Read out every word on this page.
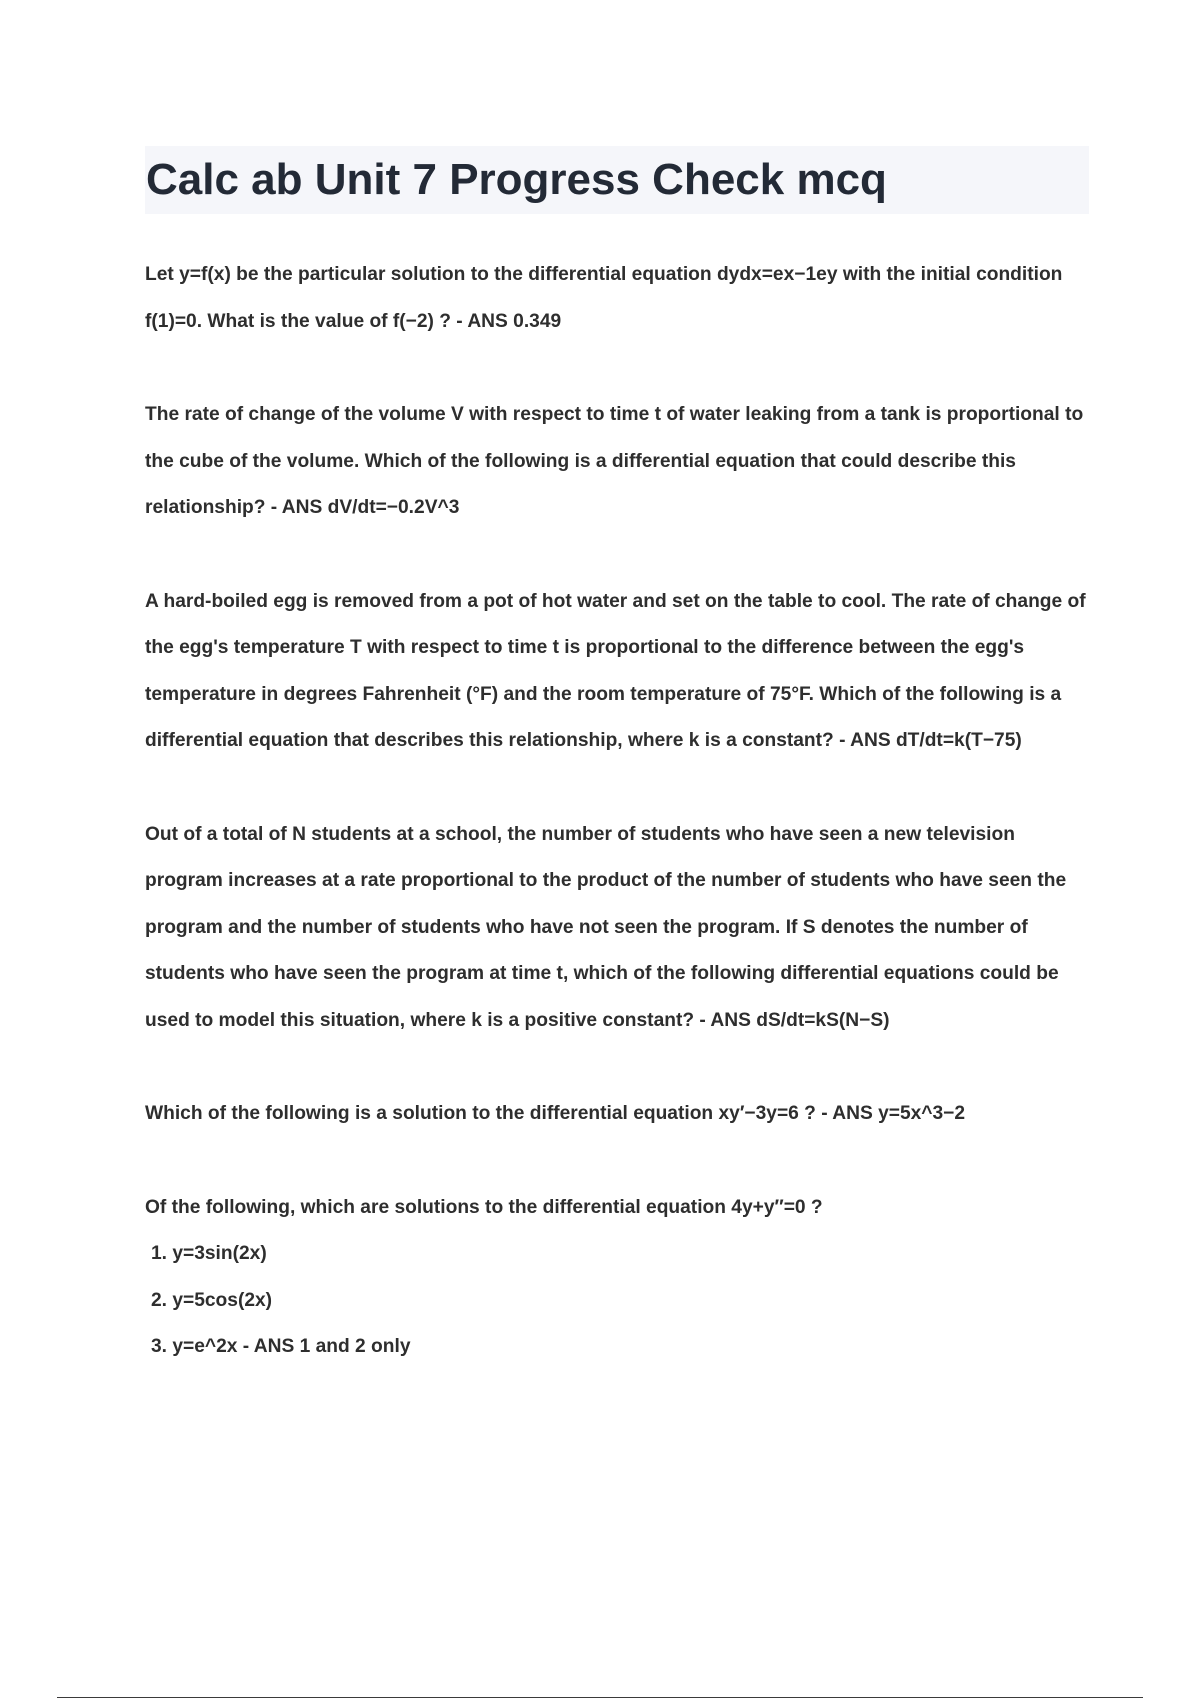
Calc ab Unit 7 Progress Check mcq

Let y=f(x) be the particular solution to the differential equation dydx=ex−1ey with the initial condition f(1)=0. What is the value of f(−2) ? - ANS 0.349

The rate of change of the volume V with respect to time t of water leaking from a tank is proportional to the cube of the volume. Which of the following is a differential equation that could describe this relationship? - ANS dV/dt=−0.2V^3

A hard-boiled egg is removed from a pot of hot water and set on the table to cool. The rate of change of the egg's temperature T with respect to time t is proportional to the difference between the egg's temperature in degrees Fahrenheit (°F) and the room temperature of 75°F. Which of the following is a differential equation that describes this relationship, where k is a constant? - ANS dT/dt=k(T−75)

Out of a total of N students at a school, the number of students who have seen a new television program increases at a rate proportional to the product of the number of students who have seen the program and the number of students who have not seen the program. If S denotes the number of students who have seen the program at time t, which of the following differential equations could be used to model this situation, where k is a positive constant? - ANS dS/dt=kS(N−S)

Which of the following is a solution to the differential equation xy′−3y=6 ? - ANS y=5x^3−2

Of the following, which are solutions to the differential equation 4y+y″=0 ?
1. y=3sin(2x)
2. y=5cos(2x)
3. y=e^2x - ANS 1 and 2 only
